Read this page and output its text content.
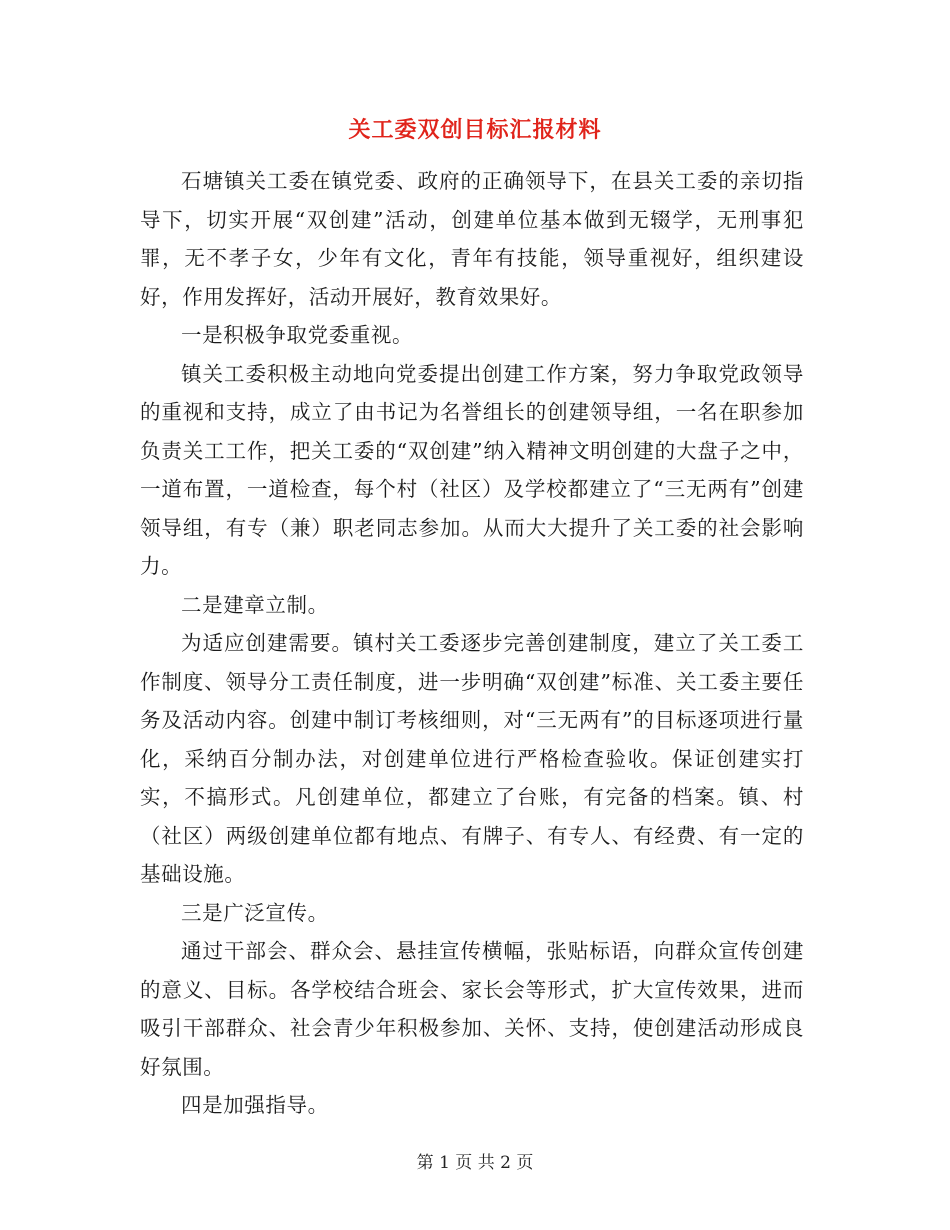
关工委双创目标汇报材料

石塘镇关工委在镇党委、政府的正确领导下，在县关工委的亲切指导下，切实开展“双创建”活动，创建单位基本做到无辍学，无刑事犯罪，无不孝子女，少年有文化，青年有技能，领导重视好，组织建设好，作用发挥好，活动开展好，教育效果好。

一是积极争取党委重视。

镇关工委积极主动地向党委提出创建工作方案，努力争取党政领导的重视和支持，成立了由书记为名誉组长的创建领导组，一名在职参加负责关工工作，把关工委的“双创建”纳入精神文明创建的大盘子之中，一道布置，一道检查，每个村（社区）及学校都建立了“三无两有”创建领导组，有专（兼）职老同志参加。从而大大提升了关工委的社会影响力。

二是建章立制。

为适应创建需要。镇村关工委逐步完善创建制度，建立了关工委工作制度、领导分工责任制度，进一步明确“双创建”标准、关工委主要任务及活动内容。创建中制订考核细则，对“三无两有”的目标逐项进行量化，采纳百分制办法，对创建单位进行严格检查验收。保证创建实打实，不搞形式。凡创建单位，都建立了台账，有完备的档案。镇、村（社区）两级创建单位都有地点、有牌子、有专人、有经费、有一定的基础设施。

三是广泛宣传。

通过干部会、群众会、悬挂宣传横幅，张贴标语，向群众宣传创建的意义、目标。各学校结合班会、家长会等形式，扩大宣传效果，进而吸引干部群众、社会青少年积极参加、关怀、支持，使创建活动形成良好氛围。

四是加强指导。

第 1 页 共 2 页
